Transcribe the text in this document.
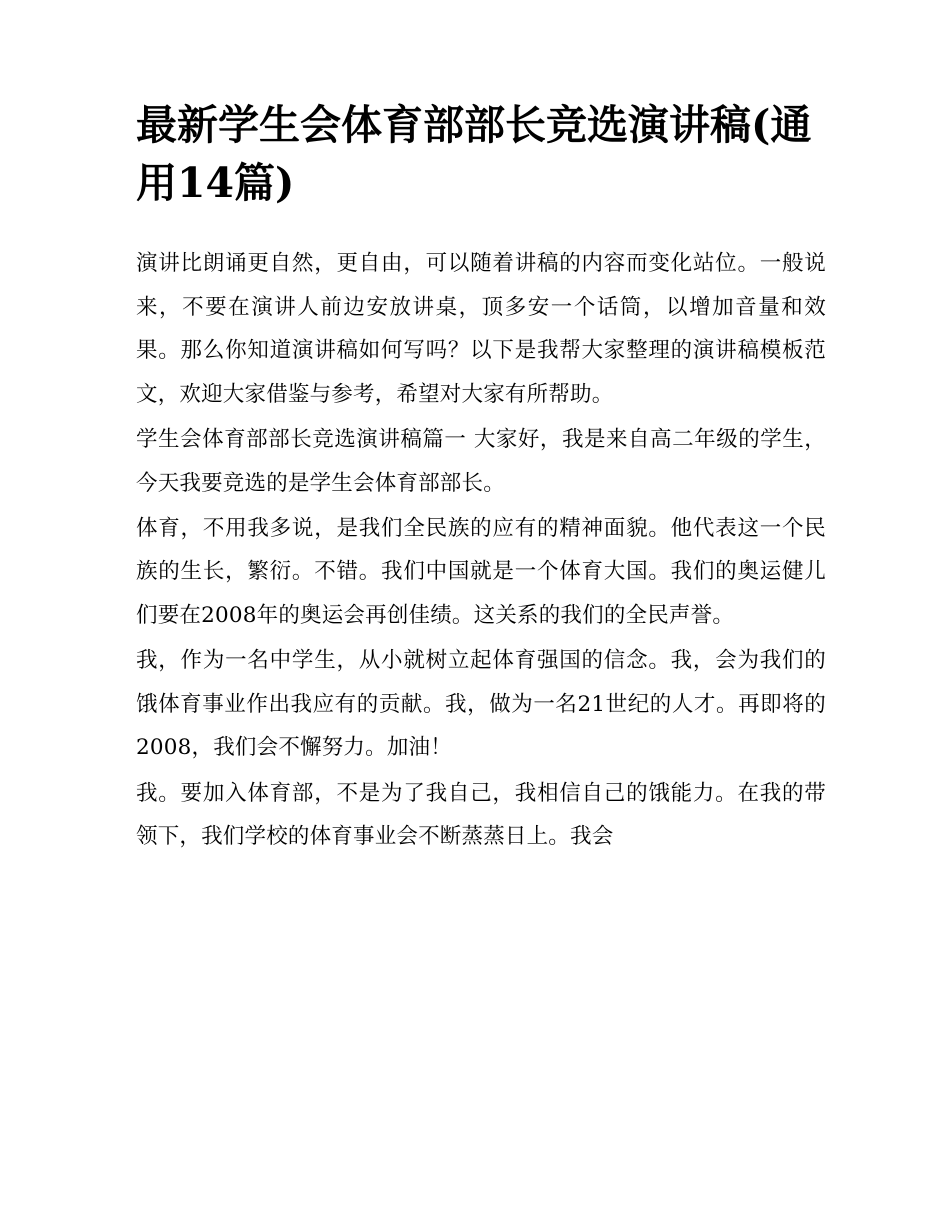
最新学生会体育部部长竞选演讲稿(通用14篇)

演讲比朗诵更自然，更自由，可以随着讲稿的内容而变化站位。一般说来，不要在演讲人前边安放讲桌，顶多安一个话筒，以增加音量和效果。那么你知道演讲稿如何写吗？以下是我帮大家整理的演讲稿模板范文，欢迎大家借鉴与参考，希望对大家有所帮助。

学生会体育部部长竞选演讲稿篇一 大家好，我是来自高二年级的学生，今天我要竞选的是学生会体育部部长。

体育，不用我多说，是我们全民族的应有的精神面貌。他代表这一个民族的生长，繁衍。不错。我们中国就是一个体育大国。我们的奥运健儿们要在2008年的奥运会再创佳绩。这关系的我们的全民声誉。

我，作为一名中学生，从小就树立起体育强国的信念。我，会为我们的饿体育事业作出我应有的贡献。我，做为一名21世纪的人才。再即将的2008，我们会不懈努力。加油！

我。要加入体育部，不是为了我自己，我相信自己的饿能力。在我的带领下，我们学校的体育事业会不断蒸蒸日上。我会
